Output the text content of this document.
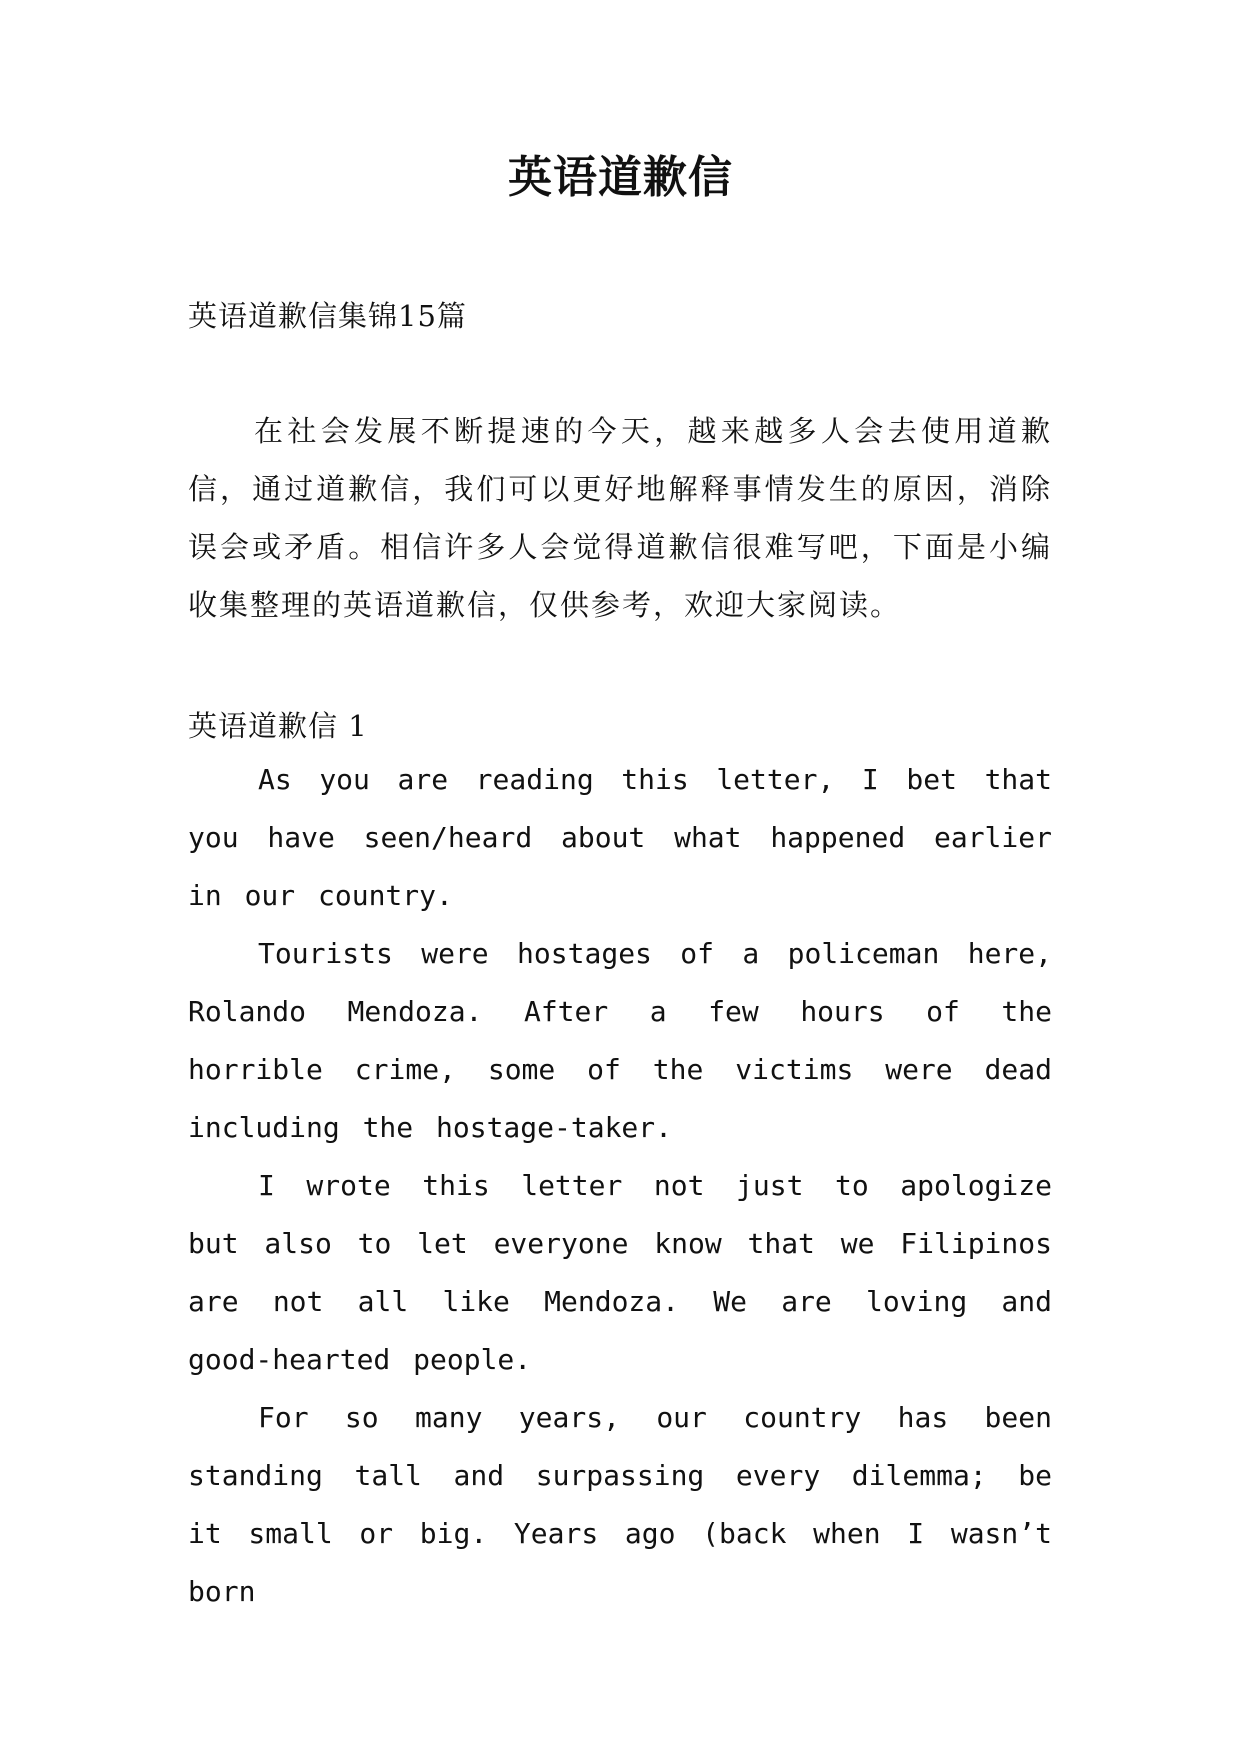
英语道歉信
英语道歉信集锦15篇

在社会发展不断提速的今天，越来越多人会去使用道歉信，通过道歉信，我们可以更好地解释事情发生的原因，消除误会或矛盾。相信许多人会觉得道歉信很难写吧，下面是小编收集整理的英语道歉信，仅供参考，欢迎大家阅读。

英语道歉信 1

As you are reading this letter, I bet that you have seen/heard about what happened earlier in our country.

Tourists were hostages of a policeman here, Rolando Mendoza. After a few hours of the horrible crime, some of the victims were dead including the hostage-taker.

I wrote this letter not just to apologize but also to let everyone know that we Filipinos are not all like Mendoza. We are loving and good-hearted people.

For so many years, our country has been standing tall and surpassing every dilemma; be it small or big. Years ago (back when I wasn’t born
